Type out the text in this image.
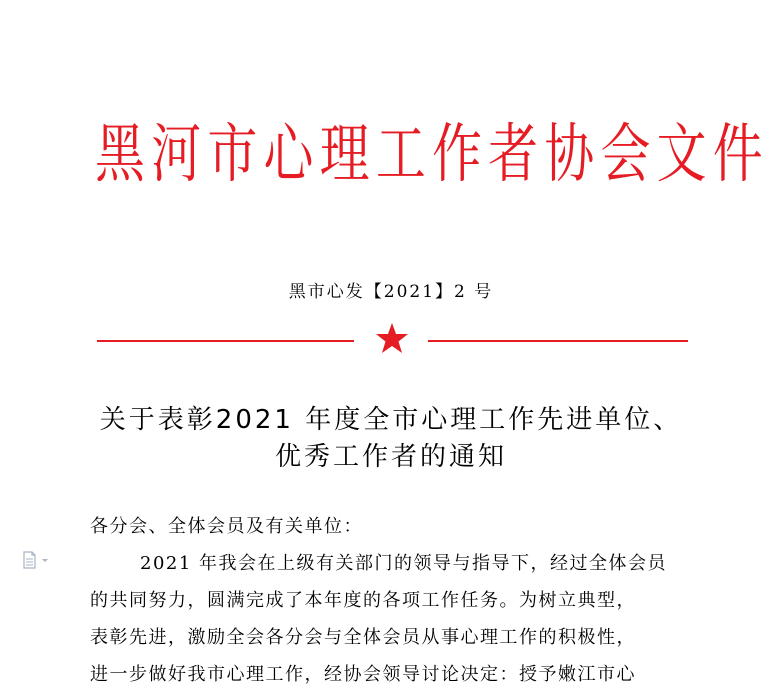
黑河市心理工作者协会文件
黑市心发【2021】2 号
关于表彰2021 年度全市心理工作先进单位、
优秀工作者的通知
各分会、全体会员及有关单位：
2021 年我会在上级有关部门的领导与指导下，经过全体会员
的共同努力，圆满完成了本年度的各项工作任务。为树立典型，
表彰先进，激励全会各分会与全体会员从事心理工作的积极性，
进一步做好我市心理工作，经协会领导讨论决定：授予嫩江市心
